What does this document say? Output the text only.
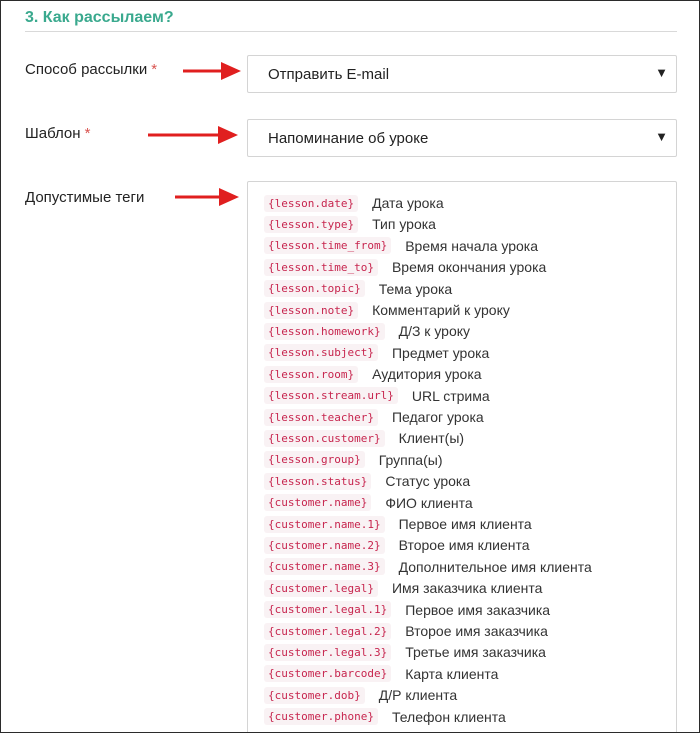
3. Как рассылаем?
Способ рассылки *	Отправить E-mail	▼
Шаблон *	Напоминание об уроке	▼
Допустимые теги	{lesson.date} Дата урока
{lesson.type} Тип урока
{lesson.time_from} Время начала урока
{lesson.time_to} Время окончания урока
{lesson.topic} Тема урока
{lesson.note} Комментарий к уроку
{lesson.homework} Д/З к уроку
{lesson.subject} Предмет урока
{lesson.room} Аудитория урока
{lesson.stream.url} URL стрима
{lesson.teacher} Педагог урока
{lesson.customer} Клиент(ы)
{lesson.group} Группа(ы)
{lesson.status} Статус урока
{customer.name} ФИО клиента
{customer.name.1} Первое имя клиента
{customer.name.2} Второе имя клиента
{customer.name.3} Дополнительное имя клиента
{customer.legal} Имя заказчика клиента
{customer.legal.1} Первое имя заказчика
{customer.legal.2} Второе имя заказчика
{customer.legal.3} Третье имя заказчика
{customer.barcode} Карта клиента
{customer.dob} Д/Р клиента
{customer.phone} Телефон клиента
